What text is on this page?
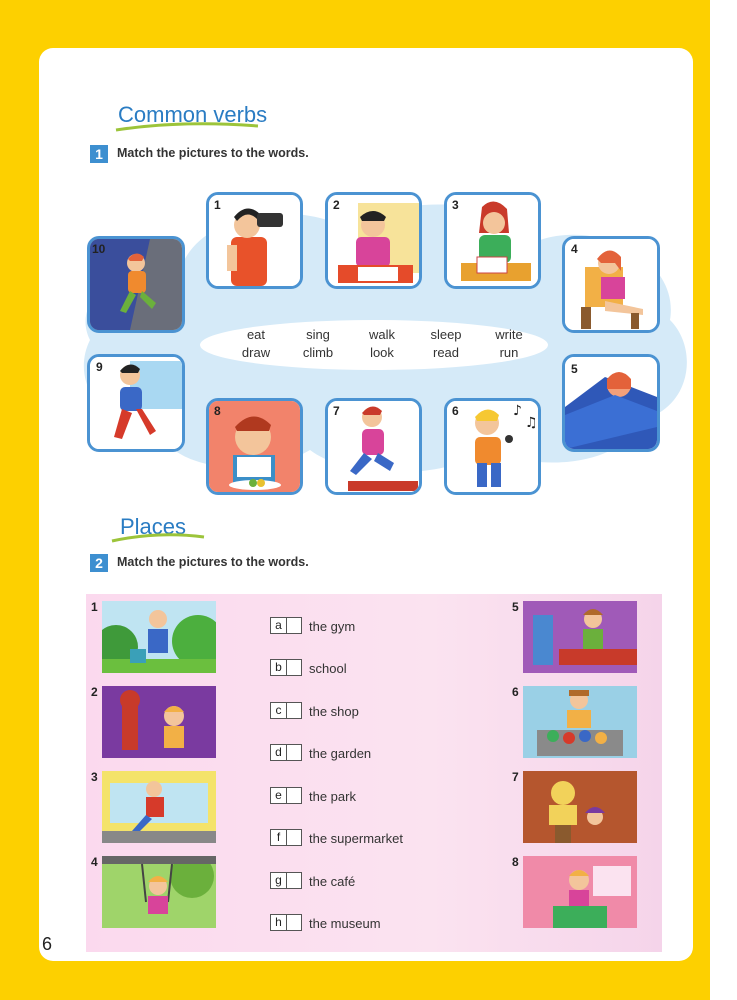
Common verbs
1	Match the pictures to the words.
eat	sing	walk	sleep	write
draw	climb	look	read	run
1	2	3
4
5
♪
♫
6
7
8
9
10
Places
2	Match the pictures to the words.
1
2
3
4
a	the gym
b	school
c	the shop
d	the garden
e	the park
f	the supermarket
g	the café
h	the museum
5
6
7
8
6
